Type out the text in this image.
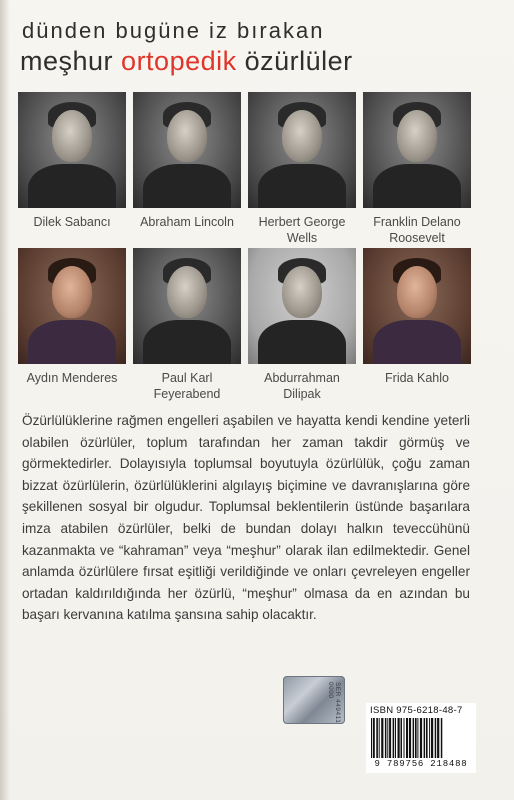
dünden bugüne iz bırakan
meşhur ortopedik özürlüler
Dilek Sabancı	Abraham Lincoln	Herbert George Wells
Franklin Delano Roosevelt
Aydın Menderes	Paul Karl Feyerabend
Abdurrahman Dilipak
Frida Kahlo
Özürlülüklerine rağmen engelleri aşabilen ve hayatta kendi kendine yeterli olabilen özürlüler, toplum tarafından her zaman takdir görmüş ve görmektedirler. Dolayısıyla toplumsal boyutuyla özürlülük, çoğu zaman bizzat özürlülerin, özürlülüklerini algılayış biçimine ve davranışlarına göre şekillenen sosyal bir olgudur. Toplumsal beklentilerin üstünde başarılara imza atabilen özürlüler, belki de bundan dolayı halkın teveccühünü kazanmakta ve “kahraman” veya “meşhur” olarak ilan edilmektedir. Genel anlamda özürlülere fırsat eşitliği verildiğinde ve onları çevreleyen engeller ortadan kaldırıldığında her özürlü, “meşhur” olmasa da en azından bu başarı kervanına katılma şansına sahip olacaktır.
SER 449411 0000
ISBN 975-6218-48-7
9 789756 218488
